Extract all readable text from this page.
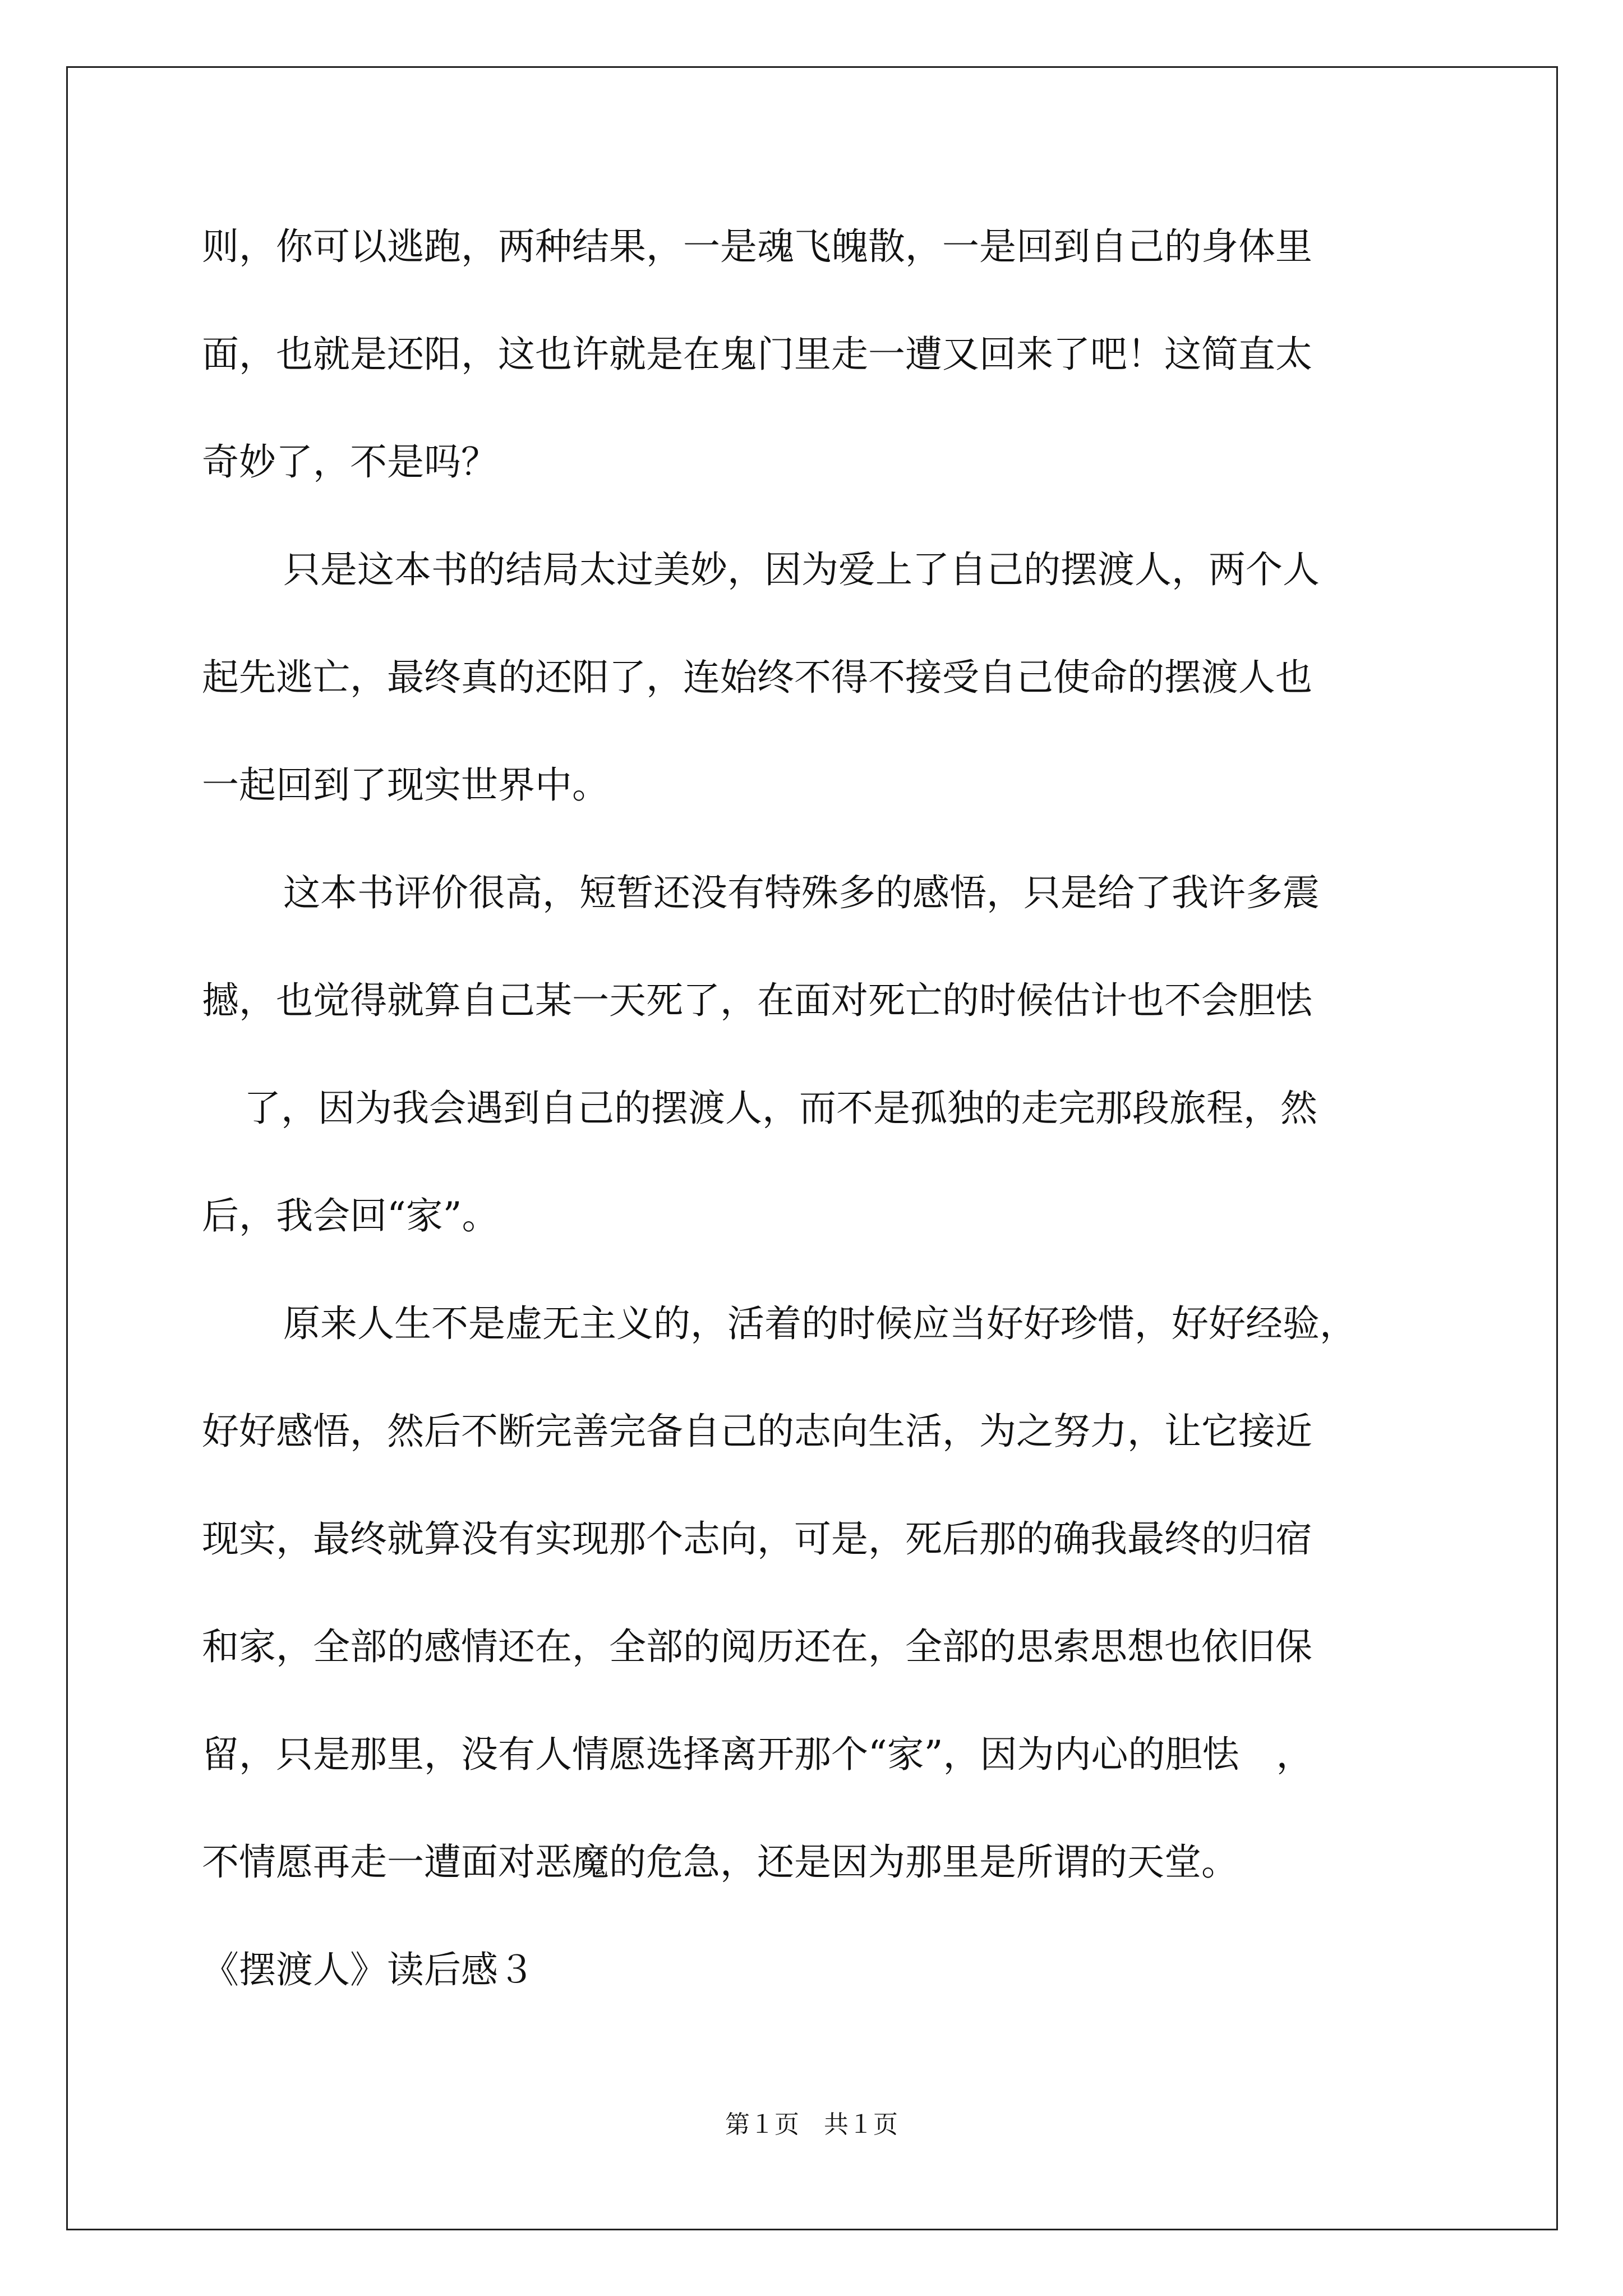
则，你可以逃跑，两种结果，一是魂飞魄散，一是回到自己的身体里
面，也就是还阳，这也许就是在鬼门里走一遭又回来了吧！这简直太
奇妙了，不是吗？
只是这本书的结局太过美妙，因为爱上了自己的摆渡人，两个人
起先逃亡，最终真的还阳了，连始终不得不接受自己使命的摆渡人也
一起回到了现实世界中。
这本书评价很高，短暂还没有特殊多的感悟，只是给了我许多震
撼，也觉得就算自己某一天死了，在面对死亡的时候估计也不会胆怯
了，因为我会遇到自己的摆渡人，而不是孤独的走完那段旅程，然
后，我会回“家”。
原来人生不是虚无主义的，活着的时候应当好好珍惜，好好经验，
好好感悟，然后不断完善完备自己的志向生活，为之努力，让它接近
现实，最终就算没有实现那个志向，可是，死后那的确我最终的归宿
和家，全部的感情还在，全部的阅历还在，全部的思索思想也依旧保
留，只是那里，没有人情愿选择离开那个“家”，因为内心的胆怯　，
不情愿再走一遭面对恶魔的危急，还是因为那里是所谓的天堂。
《摆渡人》读后感３
第１页　共１页
